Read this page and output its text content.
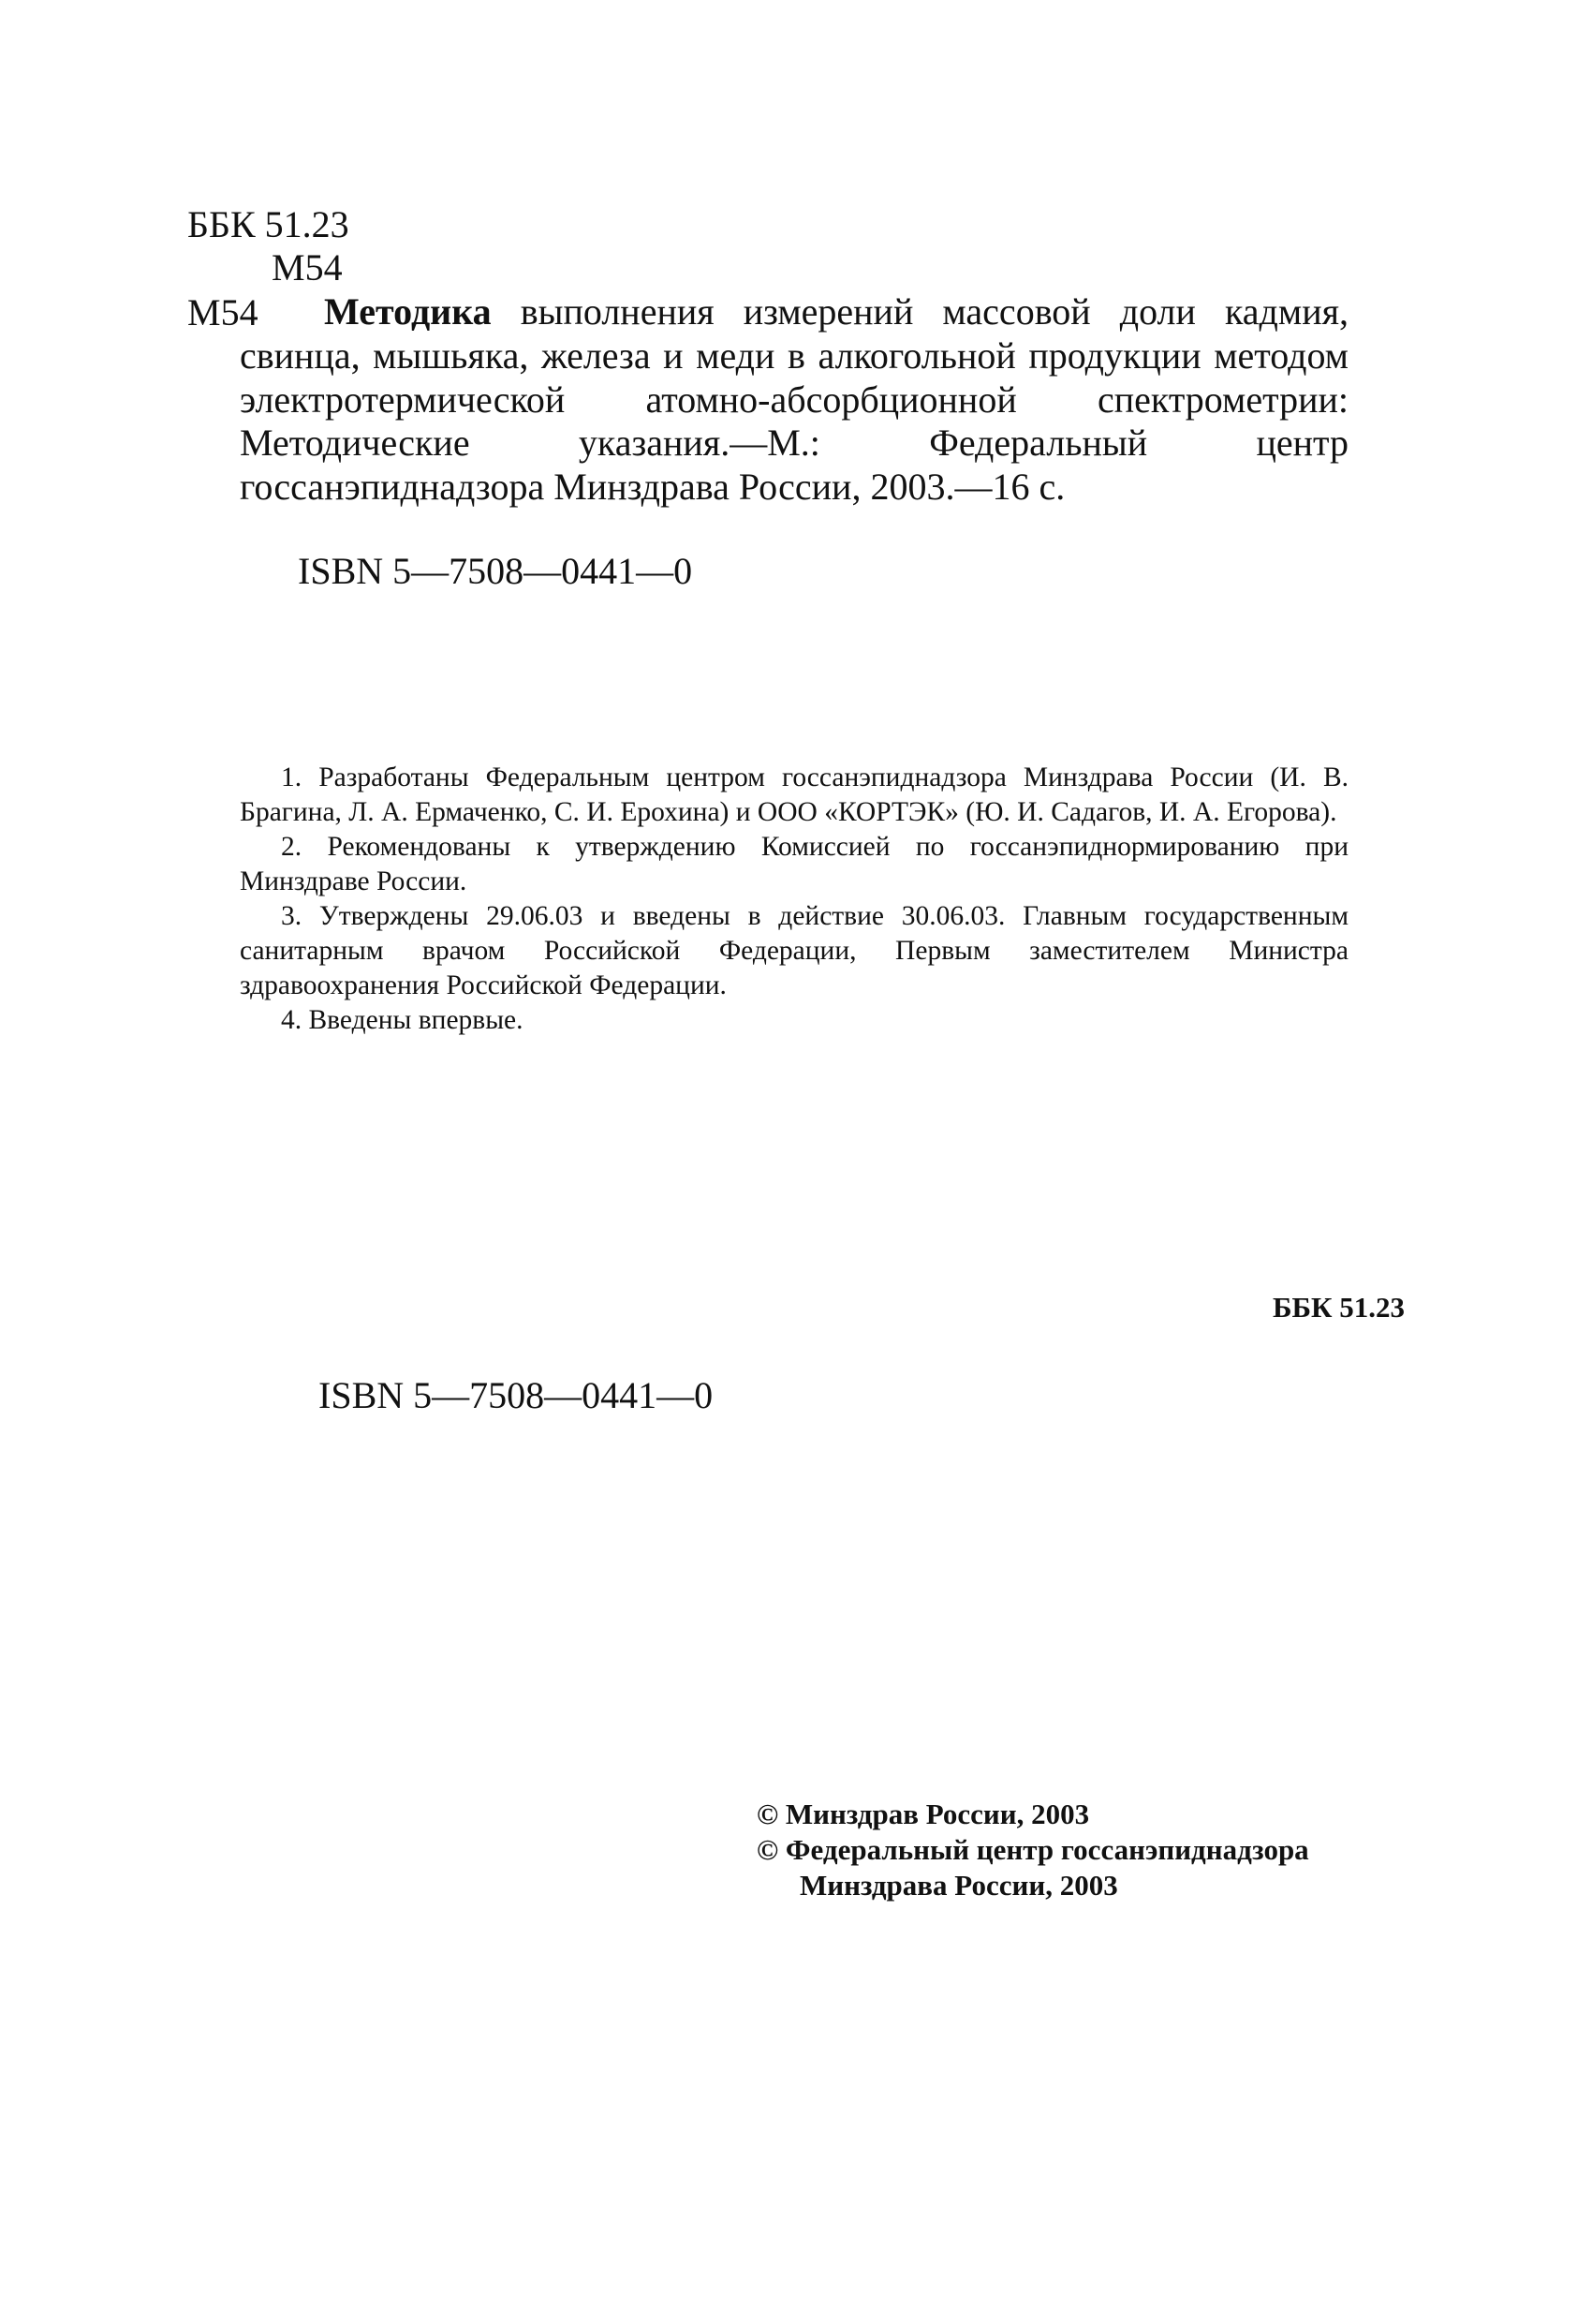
ББК 51.23
М54
М54	Методика выполнения измерений массовой доли кадмия, свинца, мышьяка, железа и меди в алкогольной продукции методом электротермической атомно-абсорбционной спектрометрии: Методические указания.—М.: Федеральный центр госсанэпиднадзора Минздрава России, 2003.—16 с.

ISBN 5—7508—0441—0

1. Разработаны Федеральным центром госсанэпиднадзора Минздрава России (И. В. Брагина, Л. А. Ермаченко, С. И. Ерохина) и ООО «КОРТЭК» (Ю. И. Садагов, И. А. Егорова).

2. Рекомендованы к утверждению Комиссией по госсанэпиднормированию при Минздраве России.

3. Утверждены 29.06.03 и введены в действие 30.06.03. Главным государственным санитарным врачом Российской Федерации, Первым заместителем Министра здравоохранения Российской Федерации.

4. Введены впервые.

ББК 51.23
ISBN 5—7508—0441—0
© Минздрав России, 2003
© Федеральный центр госсанэпиднадзора
Минздрава России, 2003
